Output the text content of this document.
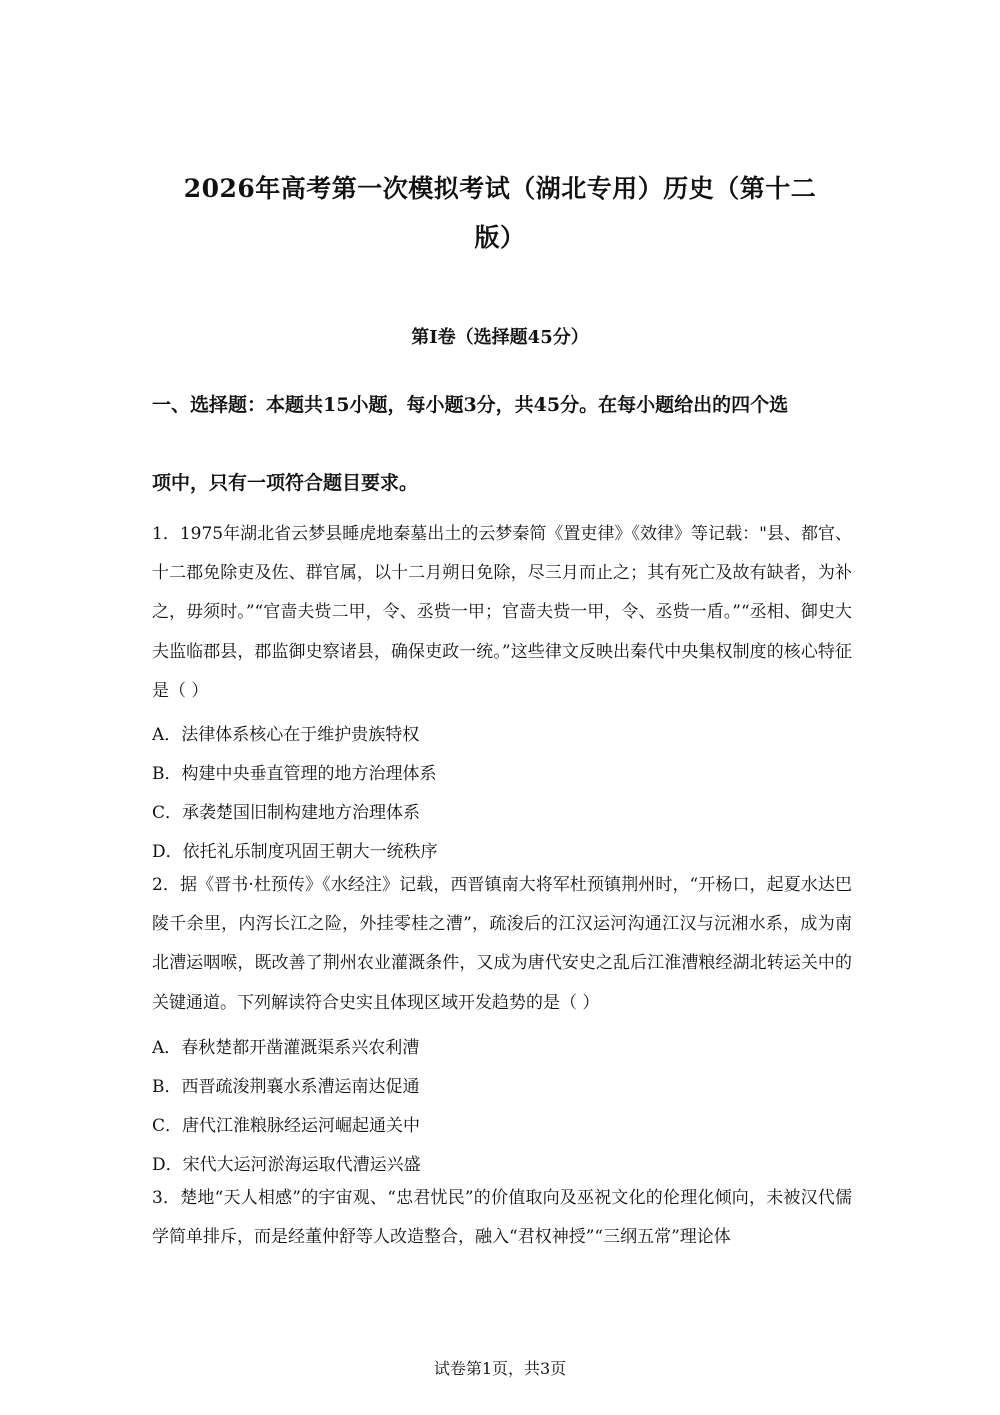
2026年高考第一次模拟考试（湖北专用）历史（第十二
版）
第I卷（选择题45分）
一、选择题：本题共15小题，每小题3分，共45分。在每小题给出的四个选
项中，只有一项符合题目要求。
1．1975年湖北省云梦县睡虎地秦墓出土的云梦秦简《置吏律》《效律》等记载："县、都官、十二郡免除吏及佐、群官属，以十二月朔日免除，尽三月而止之；其有死亡及故有缺者，为补之，毋须时。”“官啬夫赀二甲，令、丞赀一甲；官啬夫赀一甲，令、丞赀一盾。”“丞相、御史大夫监临郡县，郡监御史察诸县，确保吏政一统。”这些律文反映出秦代中央集权制度的核心特征是（ ）
A．法律体系核心在于维护贵族特权
B．构建中央垂直管理的地方治理体系
C．承袭楚国旧制构建地方治理体系
D．依托礼乐制度巩固王朝大一统秩序
2．据《晋书·杜预传》《水经注》记载，西晋镇南大将军杜预镇荆州时，“开杨口，起夏水达巴陵千余里，内泻长江之险，外挂零桂之漕”，疏浚后的江汉运河沟通江汉与沅湘水系，成为南北漕运咽喉，既改善了荆州农业灌溉条件，又成为唐代安史之乱后江淮漕粮经湖北转运关中的关键通道。下列解读符合史实且体现区域开发趋势的是（ ）
A．春秋楚都开凿灌溉渠系兴农利漕
B．西晋疏浚荆襄水系漕运南达促通
C．唐代江淮粮脉经运河崛起通关中
D．宋代大运河淤海运取代漕运兴盛
3．楚地“天人相感”的宇宙观、“忠君忧民”的价值取向及巫祝文化的伦理化倾向，未被汉代儒学简单排斥，而是经董仲舒等人改造整合，融入“君权神授”“三纲五常”理论体
试卷第1页，共3页
